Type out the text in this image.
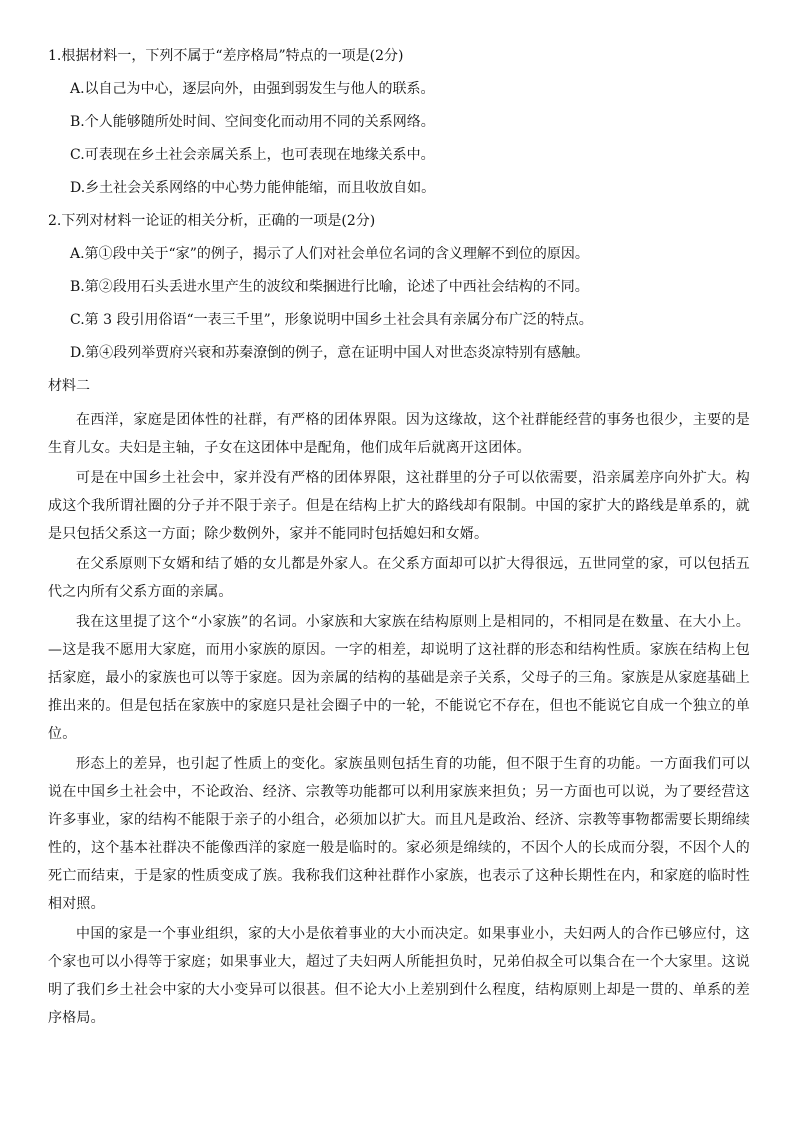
1.根据材料一，下列不属于“差序格局”特点的一项是(2分)
A.以自己为中心，逐层向外，由强到弱发生与他人的联系。
B.个人能够随所处时间、空间变化而动用不同的关系网络。
C.可表现在乡土社会亲属关系上，也可表现在地缘关系中。
D.乡土社会关系网络的中心势力能伸能缩，而且收放自如。
2.下列对材料一论证的相关分析，正确的一项是(2分)
A.第①段中关于“家”的例子，揭示了人们对社会单位名词的含义理解不到位的原因。
B.第②段用石头丢进水里产生的波纹和柴捆进行比喻，论述了中西社会结构的不同。
C.第 3 段引用俗语“一表三千里”，形象说明中国乡土社会具有亲属分布广泛的特点。
D.第④段列举贾府兴衰和苏秦潦倒的例子，意在证明中国人对世态炎凉特别有感触。
材料二

在西洋，家庭是团体性的社群，有严格的团体界限。因为这缘故，这个社群能经营的事务也很少，主要的是生育儿女。夫妇是主轴，子女在这团体中是配角，他们成年后就离开这团体。

可是在中国乡土社会中，家并没有严格的团体界限，这社群里的分子可以依需要，沿亲属差序向外扩大。构成这个我所谓社圈的分子并不限于亲子。但是在结构上扩大的路线却有限制。中国的家扩大的路线是单系的，就是只包括父系这一方面；除少数例外，家并不能同时包括媳妇和女婿。

在父系原则下女婿和结了婚的女儿都是外家人。在父系方面却可以扩大得很远，五世同堂的家，可以包括五代之内所有父系方面的亲属。

我在这里提了这个“小家族”的名词。小家族和大家族在结构原则上是相同的，不相同是在数量、在大小上。—这是我不愿用大家庭，而用小家族的原因。一字的相差，却说明了这社群的形态和结构性质。家族在结构上包括家庭，最小的家族也可以等于家庭。因为亲属的结构的基础是亲子关系，父母子的三角。家族是从家庭基础上推出来的。但是包括在家族中的家庭只是社会圈子中的一轮，不能说它不存在，但也不能说它自成一个独立的单位。

形态上的差异，也引起了性质上的变化。家族虽则包括生育的功能，但不限于生育的功能。一方面我们可以说在中国乡土社会中，不论政治、经济、宗教等功能都可以利用家族来担负；另一方面也可以说，为了要经营这许多事业，家的结构不能限于亲子的小组合，必须加以扩大。而且凡是政治、经济、宗教等事物都需要长期绵续性的，这个基本社群决不能像西洋的家庭一般是临时的。家必须是绵续的，不因个人的长成而分裂，不因个人的死亡而结束，于是家的性质变成了族。我称我们这种社群作小家族，也表示了这种长期性在内，和家庭的临时性相对照。

中国的家是一个事业组织，家的大小是依着事业的大小而决定。如果事业小，夫妇两人的合作已够应付，这个家也可以小得等于家庭；如果事业大，超过了夫妇两人所能担负时，兄弟伯叔全可以集合在一个大家里。这说明了我们乡土社会中家的大小变异可以很甚。但不论大小上差别到什么程度，结构原则上却是一贯的、单系的差序格局。
